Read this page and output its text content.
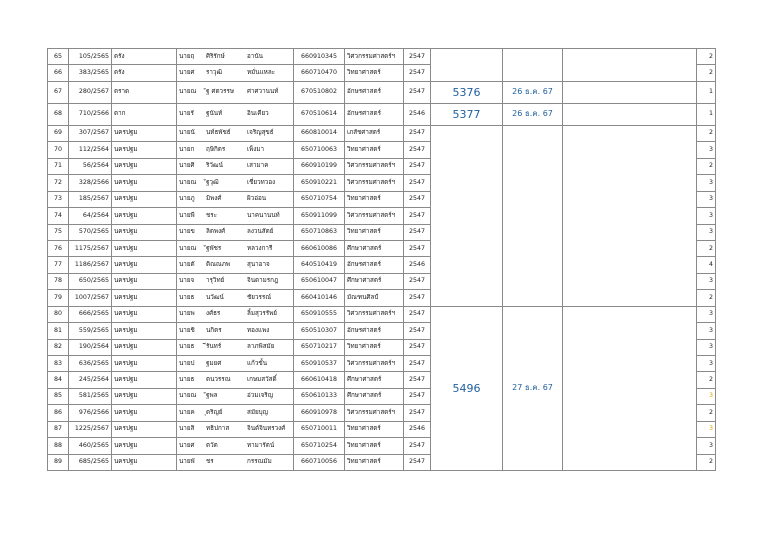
65	105/2565	ตรัง	นายฤ ศิริรักษ์ อานัน	660910345	วิศวกรรมศาสตร์ฯ	2547				2
66	383/2565	ตรัง	นายศ ราวุฒิ หมั่นแหละ	660710470	วิทยาศาสตร์	2547				2
67	280/2567	ตราด	นายณ ัฐ ศตวรรษ ศาศวานนท์	670510802	อักษรศาสตร์	2547	5376	26 ธ.ค. 67		1
68	710/2566	ตาก	นายรั ฐนันท์ อินเคียว	670510614	อักษรศาสตร์	2546	5377	26 ธ.ค. 67		1
69	307/2567	นครปฐม	นายนั นท์ธพัชธ์ เจริญสุขธ์	660810014	เภสัชศาสตร์	2547				2
70	112/2564	นครปฐม	นายก ฤษิกิตร เพ็งมา	650710063	วิทยาศาสตร์	2547				3
71	56/2564	นครปฐม	นายศิ ริวัฒน์ เสามาค	660910199	วิศวกรรมศาสตร์ฯ	2547				2
72	328/2566	นครปฐม	นายณ ัฐวุฒิ เชี่ยวทวอง	650910221	วิศวกรรมศาสตร์ฯ	2547				3
73	185/2567	นครปฐม	นายภู มิพงศ์ ผิวอ่อน	650710754	วิทยาศาสตร์	2547				3
74	64/2564	นครปฐม	นายพี ชระ นาคนานนท์	650911099	วิศวกรรมศาสตร์ฯ	2547				3
75	570/2565	นครปฐม	นายข ลิตพงศ์ ลงวนสัตย์	650710863	วิทยาศาสตร์	2547				3
76	1175/2567	นครปฐม	นายณ ัฐพัชร หลวงการี	660610086	ศึกษาศาสตร์	2547				2
77	1186/2567	นครปฐม	นายตั ติณณภพ สุนาอาจ	640510419	อักษรศาสตร์	2546				4
78	650/2565	นครปฐม	นายจ ารุวิทย์ จินดามรกฎ	650610047	ศึกษาศาสตร์	2547				3
79	1007/2567	นครปฐม	นายธ นวัฒน์ ชัยวรรณ์	660410146	มัณฑนศิลป์	2547				2
80	666/2565	นครปฐม	นายพ งศ์ธร ลิ้มสุวรรัพย์	650910555	วิศวกรรมศาสตร์ฯ	2547	5496	27 ธ.ค. 67		3
81	559/2565	นครปฐม	นายชิ นกิตร ทองแพง	650510307	อักษรศาสตร์	2547				3
82	190/2564	นครปฐม	นายธ ีรันทร์ ลาภพิสมัย	650710217	วิทยาศาสตร์	2547				3
83	636/2565	นครปฐม	นายป ฐมยศ แก้วขั้น	650910537	วิศวกรรมศาสตร์ฯ	2547				3
84	245/2564	นครปฐม	นายธ ตนวรรณ เกษมสวัสดิ์	660610418	ศึกษาศาสตร์	2547				2
85	581/2565	นครปฐม	นายณ ัฐพล อ่วมเจริญ	650610133	ศึกษาศาสตร์	2547				3
86	976/2566	นครปฐม	นายค ุตริญย์ สมัยบุญ	660910978	วิศวกรรมศาสตร์ฯ	2547				2
87	1225/2567	นครปฐม	นายสิ ทธิปกาส จินต์จินทรวงศ์	650710011	วิทยาศาสตร์	2546				3
88	460/2565	นครปฐม	นายศ ตวัต ทามารัตน์	650710254	วิทยาศาสตร์	2547				3
89	685/2565	นครปฐม	นายพั ชร กรรณมัม	660710056	วิทยาศาสตร์	2547				2
